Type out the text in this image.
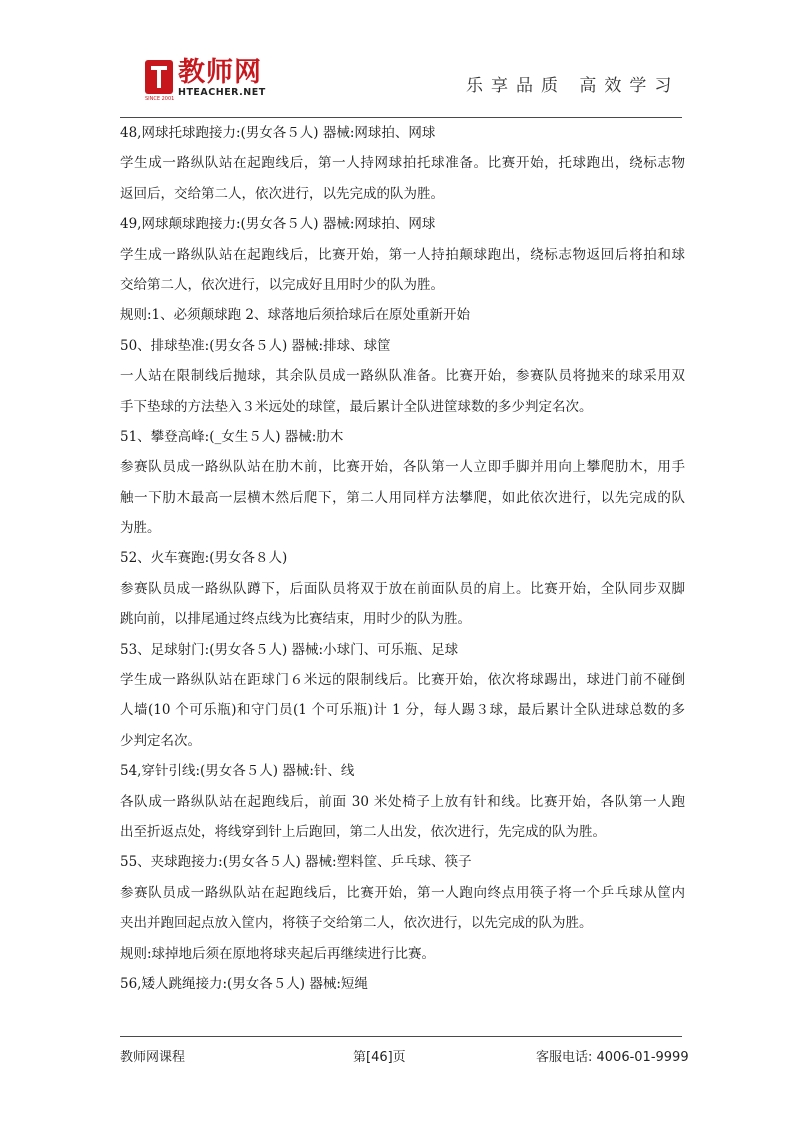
教师网
HTEACHER.NET
SINCE 2001
乐享品质 高效学习
48,网球托球跑接力:(男女各５人) 器械:网球拍、网球
学生成一路纵队站在起跑线后，第一人持网球拍托球准备。比赛开始，托球跑出，绕标志物
返回后，交给第二人，依次进行，以先完成的队为胜。
49,网球颠球跑接力:(男女各５人) 器械:网球拍、网球
学生成一路纵队站在起跑线后，比赛开始，第一人持拍颠球跑出，绕标志物返回后将拍和球
交给第二人，依次进行，以完成好且用时少的队为胜。
规则:1、必须颠球跑 2、球落地后须拾球后在原处重新开始
50、排球垫准:(男女各５人) 器械:排球、球筐
一人站在限制线后抛球，其余队员成一路纵队准备。比赛开始，参赛队员将抛来的球采用双
手下垫球的方法垫入３米远处的球筐，最后累计全队进筐球数的多少判定名次。
51、攀登高峰:(_女生５人) 器械:肋木
参赛队员成一路纵队站在肋木前，比赛开始，各队第一人立即手脚并用向上攀爬肋木，用手
触一下肋木最高一层横木然后爬下，第二人用同样方法攀爬，如此依次进行，以先完成的队
为胜。
52、火车赛跑:(男女各８人)
参赛队员成一路纵队蹲下，后面队员将双于放在前面队员的肩上。比赛开始，全队同步双脚
跳向前，以排尾通过终点线为比赛结束，用时少的队为胜。
53、足球射门:(男女各５人) 器械:小球门、可乐瓶、足球
学生成一路纵队站在距球门６米远的限制线后。比赛开始，依次将球踢出，球进门前不碰倒
人墙(10 个可乐瓶)和守门员(1 个可乐瓶)计 1 分，每人踢３球，最后累计全队进球总数的多
少判定名次。
54,穿针引线:(男女各５人) 器械:针、线
各队成一路纵队站在起跑线后，前面 30 米处椅子上放有针和线。比赛开始，各队第一人跑
出至折返点处，将线穿到针上后跑回，第二人出发，依次进行，先完成的队为胜。
55、夹球跑接力:(男女各５人) 器械:塑料筐、乒乓球、筷子
参赛队员成一路纵队站在起跑线后，比赛开始，第一人跑向终点用筷子将一个乒乓球从筐内
夹出并跑回起点放入筐内，将筷子交给第二人，依次进行，以先完成的队为胜。
规则:球掉地后须在原地将球夹起后再继续进行比赛。
56,矮人跳绳接力:(男女各５人) 器械:短绳
教师网课程	第[46]页	客服电话: 4006-01-9999
